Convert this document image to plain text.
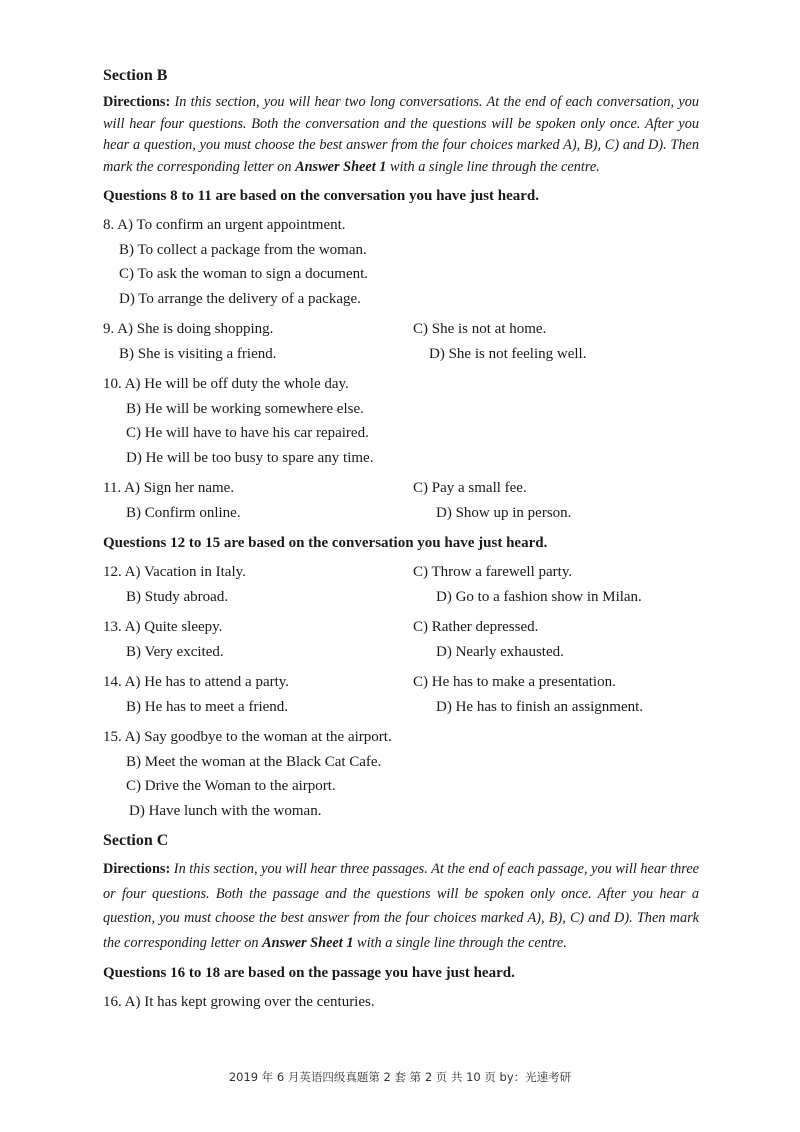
Section B

Directions: In this section, you will hear two long conversations. At the end of each conversation, you will hear four questions. Both the conversation and the questions will be spoken only once. After you hear a question, you must choose the best answer from the four choices marked A), B), C) and D). Then mark the corresponding letter on Answer Sheet 1 with a single line through the centre.

Questions 8 to 11 are based on the conversation you have just heard.
8. A) To confirm an urgent appointment.
B) To collect a package from the woman.
C) To ask the woman to sign a document.
D) To arrange the delivery of a package.
9. A) She is doing shopping.	C) She is not at home.
B) She is visiting a friend.	D) She is not feeling well.
10. A) He will be off duty the whole day.
B) He will be working somewhere else.
C) He will have to have his car repaired.
D) He will be too busy to spare any time.
11. A) Sign her name.	C) Pay a small fee.
B) Confirm online.	D) Show up in person.
Questions 12 to 15 are based on the conversation you have just heard.
12. A) Vacation in Italy.	C) Throw a farewell party.
B) Study abroad.	D) Go to a fashion show in Milan.
13. A) Quite sleepy.	C) Rather depressed.
B) Very excited.	D) Nearly exhausted.
14. A) He has to attend a party.	C) He has to make a presentation.
B) He has to meet a friend.	D) He has to finish an assignment.
15. A) Say goodbye to the woman at the airport.
B) Meet the woman at the Black Cat Cafe.
C) Drive the Woman to the airport.
D) Have lunch with the woman.
Section C

Directions: In this section, you will hear three passages. At the end of each passage, you will hear three or four questions. Both the passage and the questions will be spoken only once. After you hear a question, you must choose the best answer from the four choices marked A), B), C) and D). Then mark the corresponding letter on Answer Sheet 1 with a single line through the centre.

Questions 16 to 18 are based on the passage you have just heard.
16. A) It has kept growing over the centuries.
2019 年 6 月英语四级真题第 2 套 第 2 页 共 10 页 by：光速考研
